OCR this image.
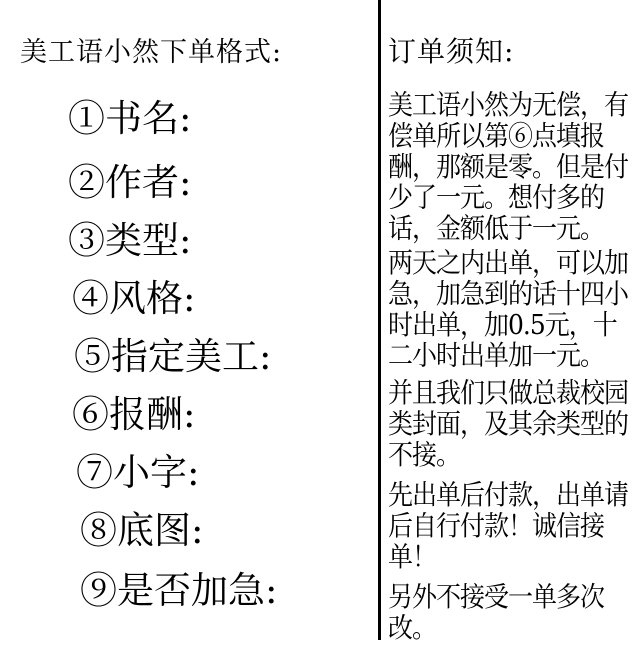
美工语小然下单格式:
①书名:
②作者:
③类型:
④风格:
⑤指定美工:
⑥报酬:
⑦小字:
⑧底图:
⑨是否加急:
订单须知:
美工语小然为无偿，有偿单所以第⑥点填报酬，那额是零。但是付少了一元。想付多的话，金额低于一元。
两天之内出单，可以加急，加急到的话十四小时出单，加0.5元，十二小时出单加一元。
并且我们只做总裁校园类封面，及其余类型的不接。
先出单后付款，出单请后自行付款！诚信接单！
另外不接受一单多次改。
